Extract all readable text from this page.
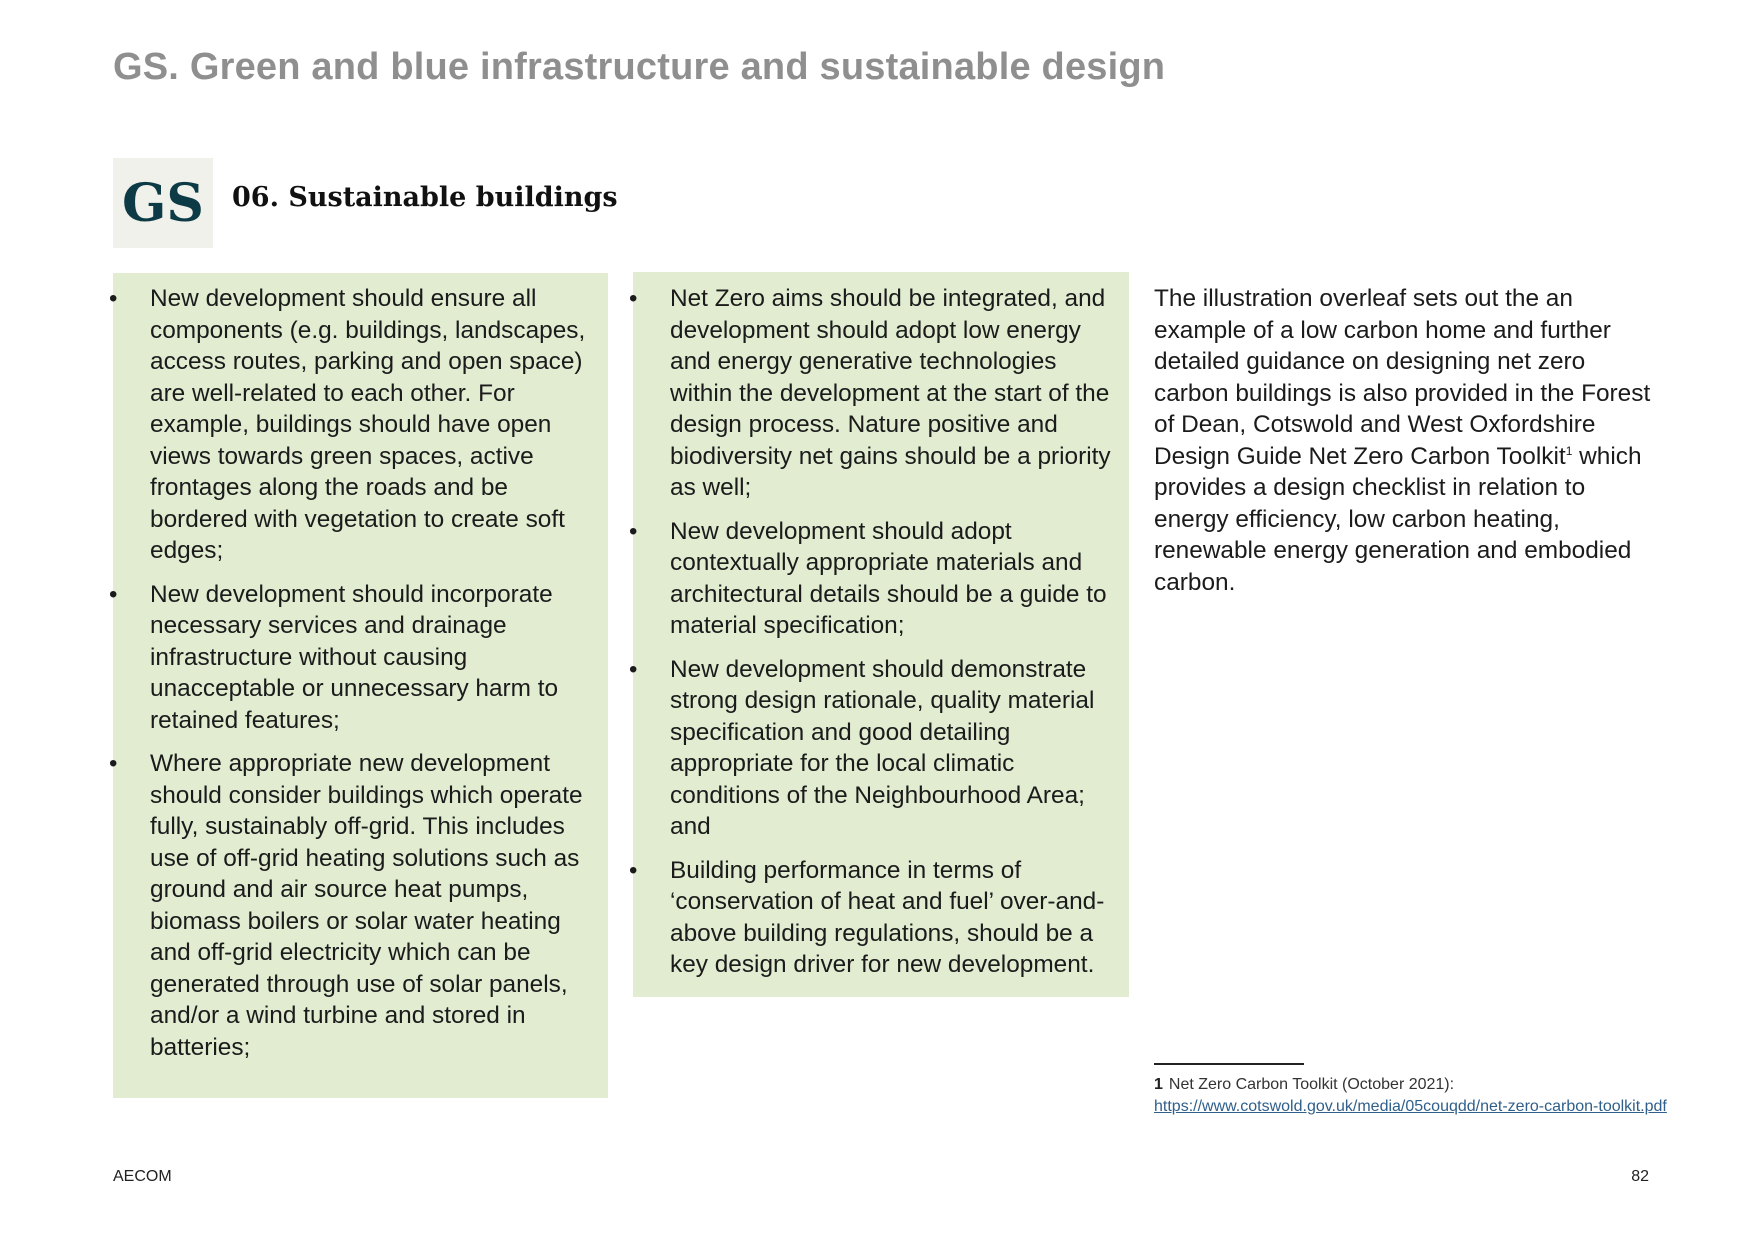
GS. Green and blue infrastructure and sustainable design
GS	06. Sustainable buildings
• New development should ensure all components (e.g. buildings, landscapes, access routes, parking and open space) are well-related to each other. For example, buildings should have open views towards green spaces, active frontages along the roads and be bordered with vegetation to create soft edges;
• New development should incorporate necessary services and drainage infrastructure without causing unacceptable or unnecessary harm to retained features;
• Where appropriate new development should consider buildings which operate fully, sustainably off-grid. This includes use of off-grid heating solutions such as ground and air source heat pumps, biomass boilers or solar water heating and off-grid electricity which can be generated through use of solar panels, and/or a wind turbine and stored in batteries;
• Net Zero aims should be integrated, and development should adopt low energy and energy generative technologies within the development at the start of the design process. Nature positive and biodiversity net gains should be a priority as well;
• New development should adopt contextually appropriate materials and architectural details should be a guide to material specification;
• New development should demonstrate strong design rationale, quality material specification and good detailing appropriate for the local climatic conditions of the Neighbourhood Area; and
• Building performance in terms of ‘conservation of heat and fuel’ over-and-above building regulations, should be a key design driver for new development.

The illustration overleaf sets out the an example of a low carbon home and further detailed guidance on designing net zero carbon buildings is also provided in the Forest of Dean, Cotswold and West Oxfordshire Design Guide Net Zero Carbon Toolkit$^1$ which provides a design checklist in relation to energy efficiency, low carbon heating, renewable energy generation and embodied carbon.

1 Net Zero Carbon Toolkit (October 2021): https://www.cotswold.gov.uk/media/05couqdd/net-zero-carbon-toolkit.pdf
AECOM	82
